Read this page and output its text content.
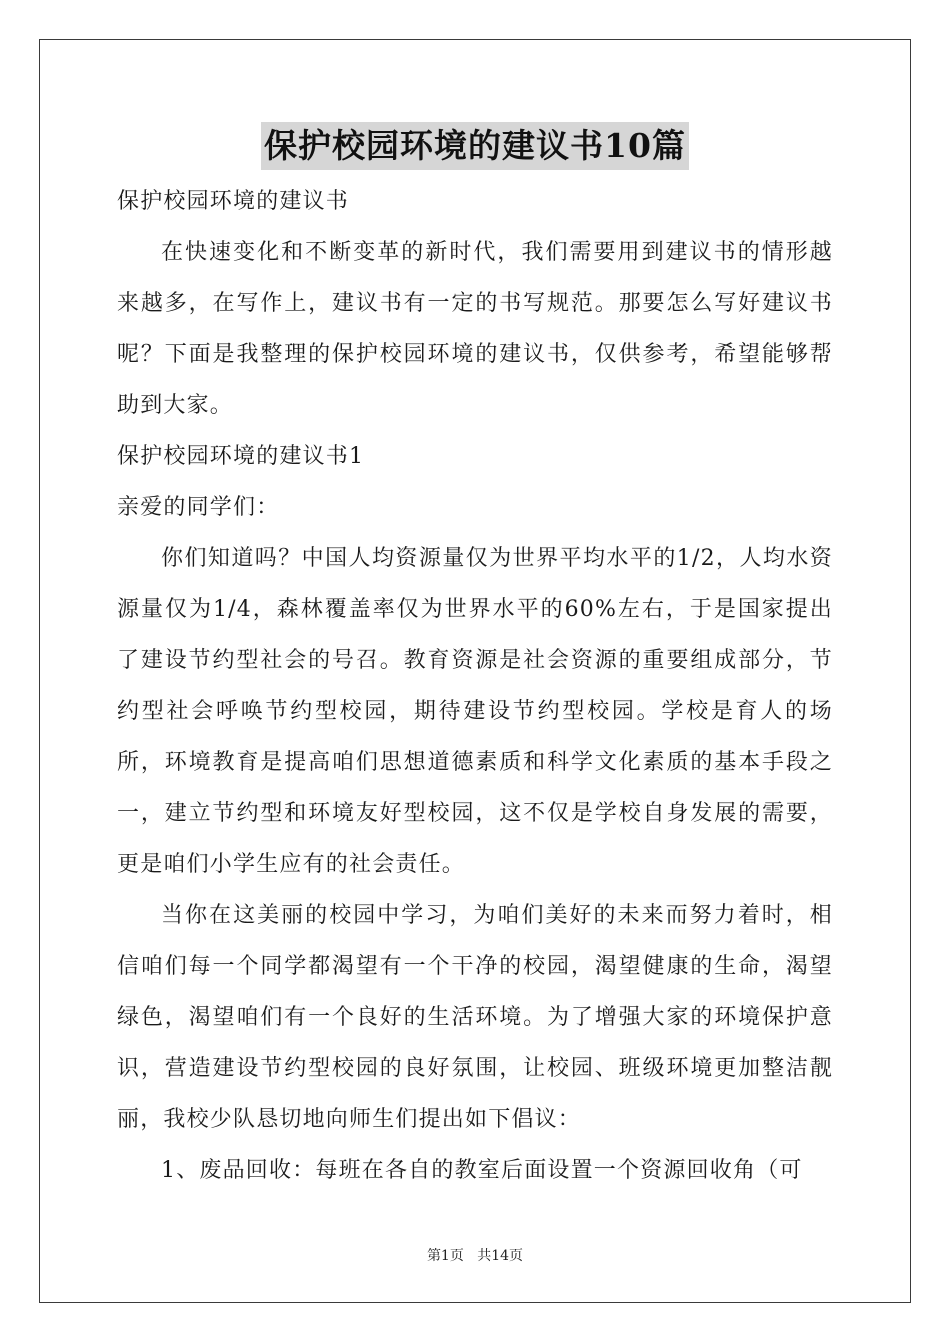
保护校园环境的建议书10篇

保护校园环境的建议书

在快速变化和不断变革的新时代，我们需要用到建议书的情形越来越多，在写作上，建议书有一定的书写规范。那要怎么写好建议书呢？下面是我整理的保护校园环境的建议书，仅供参考，希望能够帮助到大家。

保护校园环境的建议书1

亲爱的同学们：

你们知道吗？中国人均资源量仅为世界平均水平的1/2，人均水资源量仅为1/4，森林覆盖率仅为世界水平的60%左右，于是国家提出了建设节约型社会的号召。教育资源是社会资源的重要组成部分，节约型社会呼唤节约型校园，期待建设节约型校园。学校是育人的场所，环境教育是提高咱们思想道德素质和科学文化素质的基本手段之一，建立节约型和环境友好型校园，这不仅是学校自身发展的需要，更是咱们小学生应有的社会责任。

当你在这美丽的校园中学习，为咱们美好的未来而努力着时，相信咱们每一个同学都渴望有一个干净的校园，渴望健康的生命，渴望绿色，渴望咱们有一个良好的生活环境。为了增强大家的环境保护意识，营造建设节约型校园的良好氛围，让校园、班级环境更加整洁靓丽，我校少队恳切地向师生们提出如下倡议：

1、废品回收：每班在各自的教室后面设置一个资源回收角（可

第1页 共14页
